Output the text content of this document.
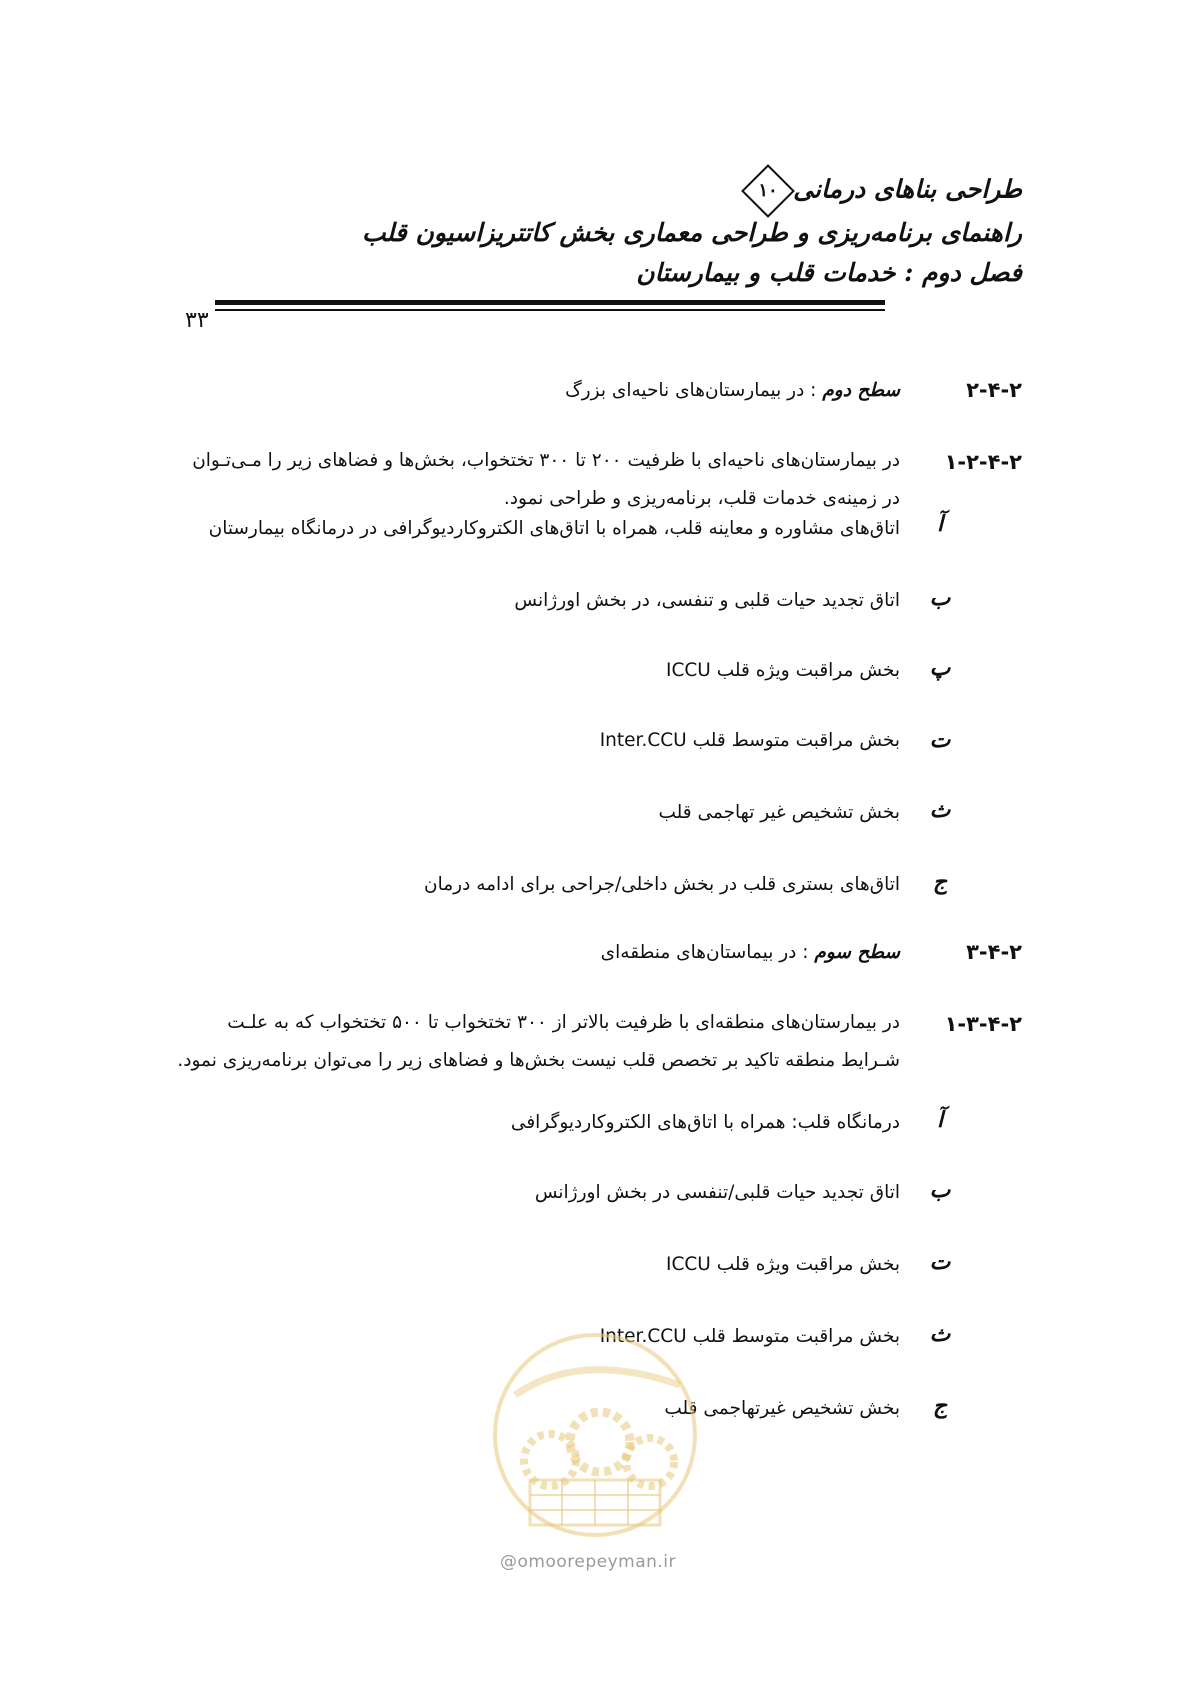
طراحی بناهای درمانی
۱۰
راهنمای برنامه‌ریزی و طراحی معماری بخش کاتتریزاسیون قلب
فصل دوم : خدمات قلب و بیمارستان
۳۳
۲-۴-۲
سطح دوم : در بیمارستان‌های ناحیه‌ای بزرگ
۱-۲-۴-۲
در بیمارستان‌های ناحیه‌ای با ظرفیت ۲۰۰ تا ۳۰۰ تختخواب، بخش‌ها و فضاهای زیر را مـی‌تـوان در زمینه‌ی خدمات قلب، برنامه‌ریزی و طراحی نمود.
آ
اتاق‌های مشاوره و معاینه قلب، همراه با اتاق‌های الکتروکاردیوگرافی در درمانگاه بیمارستان
ب
اتاق تجدید حیات قلبی و تنفسی، در بخش اورژانس
پ
بخش مراقبت ویژه قلب ICCU
ت
بخش مراقبت متوسط قلب Inter.CCU
ث
بخش تشخیص غیر تهاجمی قلب
ج
اتاق‌های بستری قلب در بخش داخلی/جراحی برای ادامه درمان
۳-۴-۲
سطح سوم : در بیماستان‌های منطقه‌ای
۱-۳-۴-۲
در بیمارستان‌های منطقه‌ای با ظرفیت بالاتر از ۳۰۰ تختخواب تا ۵۰۰ تختخواب که به علـت شـرایط منطقه تاکید بر تخصص قلب نیست بخش‌ها و فضاهای زیر را می‌توان برنامه‌ریزی نمود.
آ
درمانگاه قلب: همراه با اتاق‌های الکتروکاردیوگرافی
ب
اتاق تجدید حیات قلبی/تنفسی در بخش اورژانس
ت
بخش مراقبت ویژه قلب ICCU
ث
بخش مراقبت متوسط قلب Inter.CCU
ج
بخش تشخیص غیرتهاجمی قلب
@omoorepeyman.ir
